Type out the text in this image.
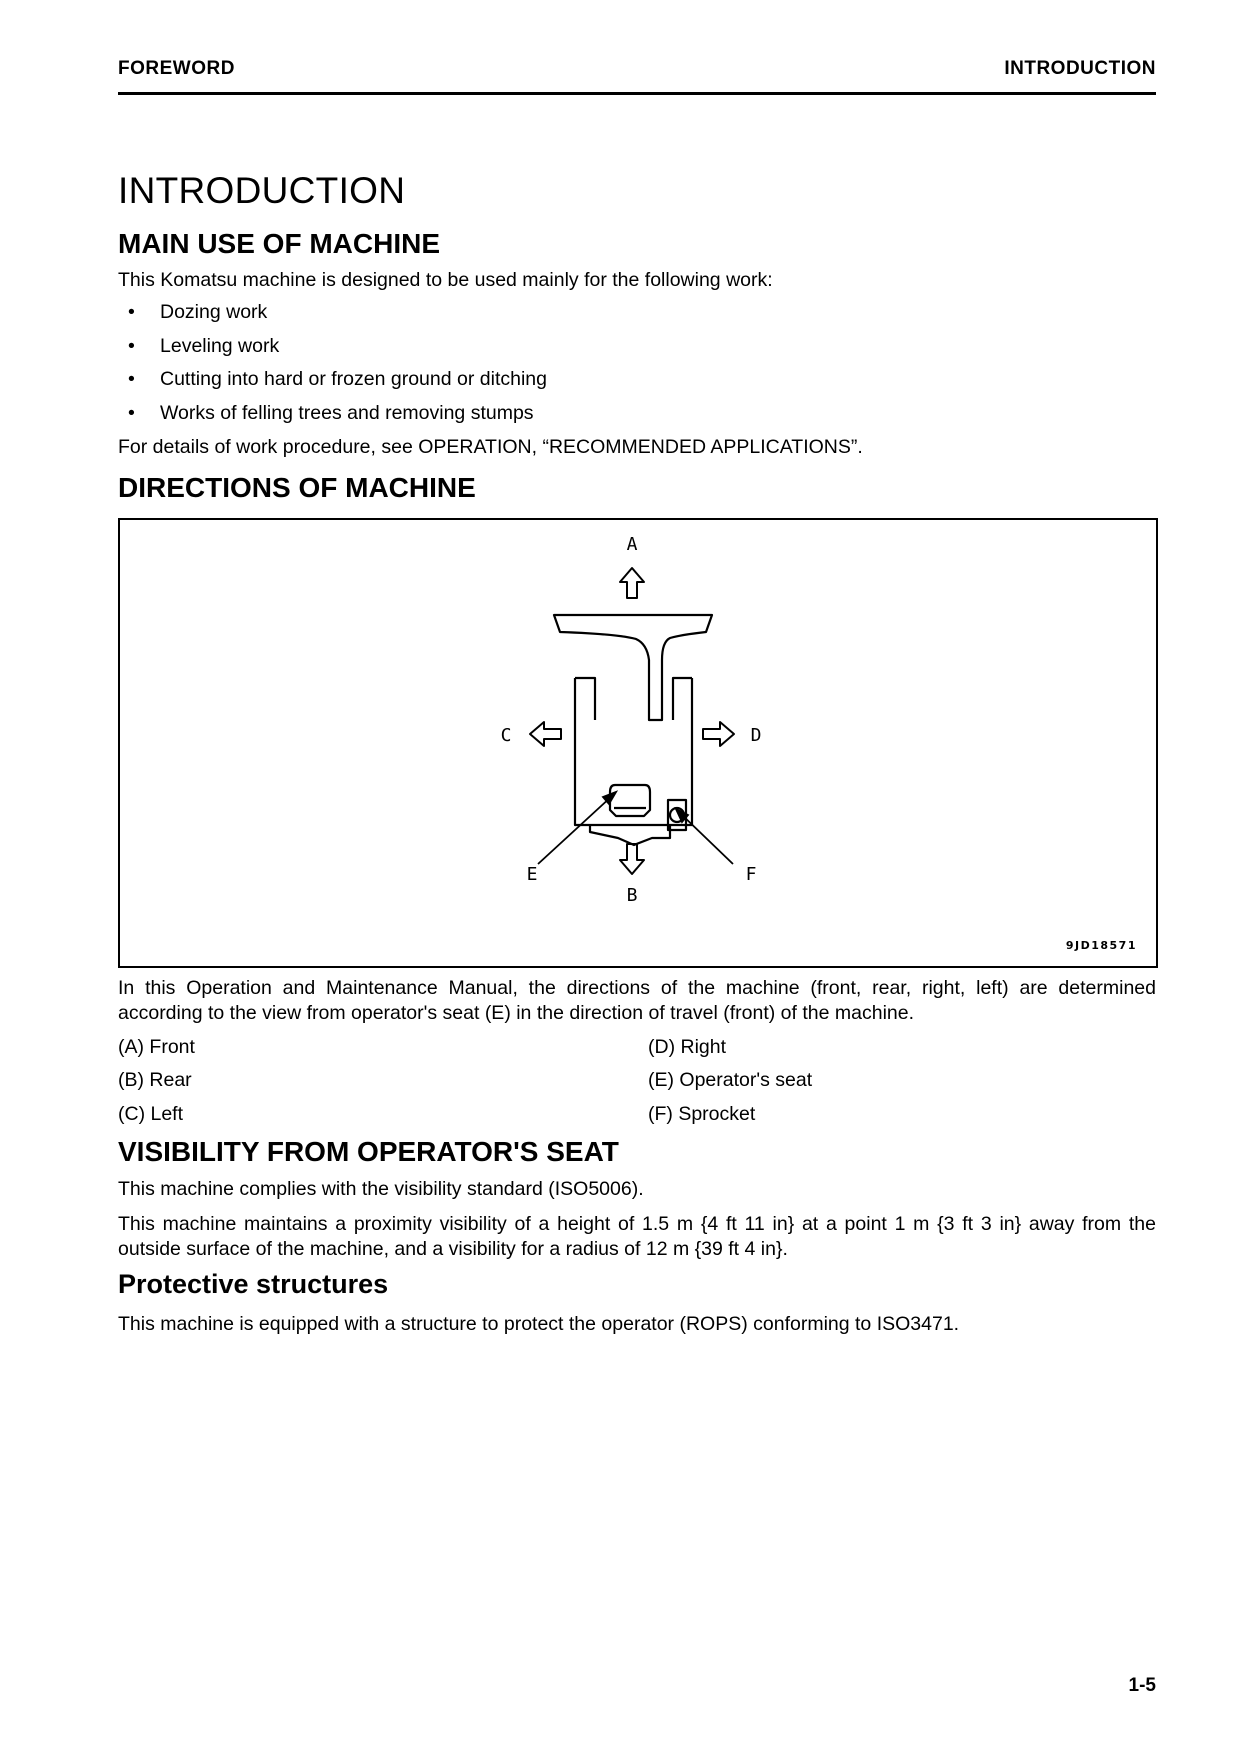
FOREWORD	INTRODUCTION
INTRODUCTION
MAIN USE OF MACHINE

This Komatsu machine is designed to be used mainly for the following work:

• Dozing work
• Leveling work
• Cutting into hard or frozen ground or ditching
• Works of felling trees and removing stumps

For details of work procedure, see OPERATION, “RECOMMENDED APPLICATIONS”.

DIRECTIONS OF MACHINE
A
B
C	D
E	F
9JD18571

In this Operation and Maintenance Manual, the directions of the machine (front, rear, right, left) are determined according to the view from operator's seat (E) in the direction of travel (front) of the machine.

(A) Front	(D) Right
(B) Rear	(E) Operator's seat
(C) Left	(F) Sprocket
VISIBILITY FROM OPERATOR'S SEAT

This machine complies with the visibility standard (ISO5006).

This machine maintains a proximity visibility of a height of 1.5 m {4 ft 11 in} at a point 1 m {3 ft 3 in} away from the outside surface of the machine, and a visibility for a radius of 12 m {39 ft 4 in}.

Protective structures

This machine is equipped with a structure to protect the operator (ROPS) conforming to ISO3471.

1-5
